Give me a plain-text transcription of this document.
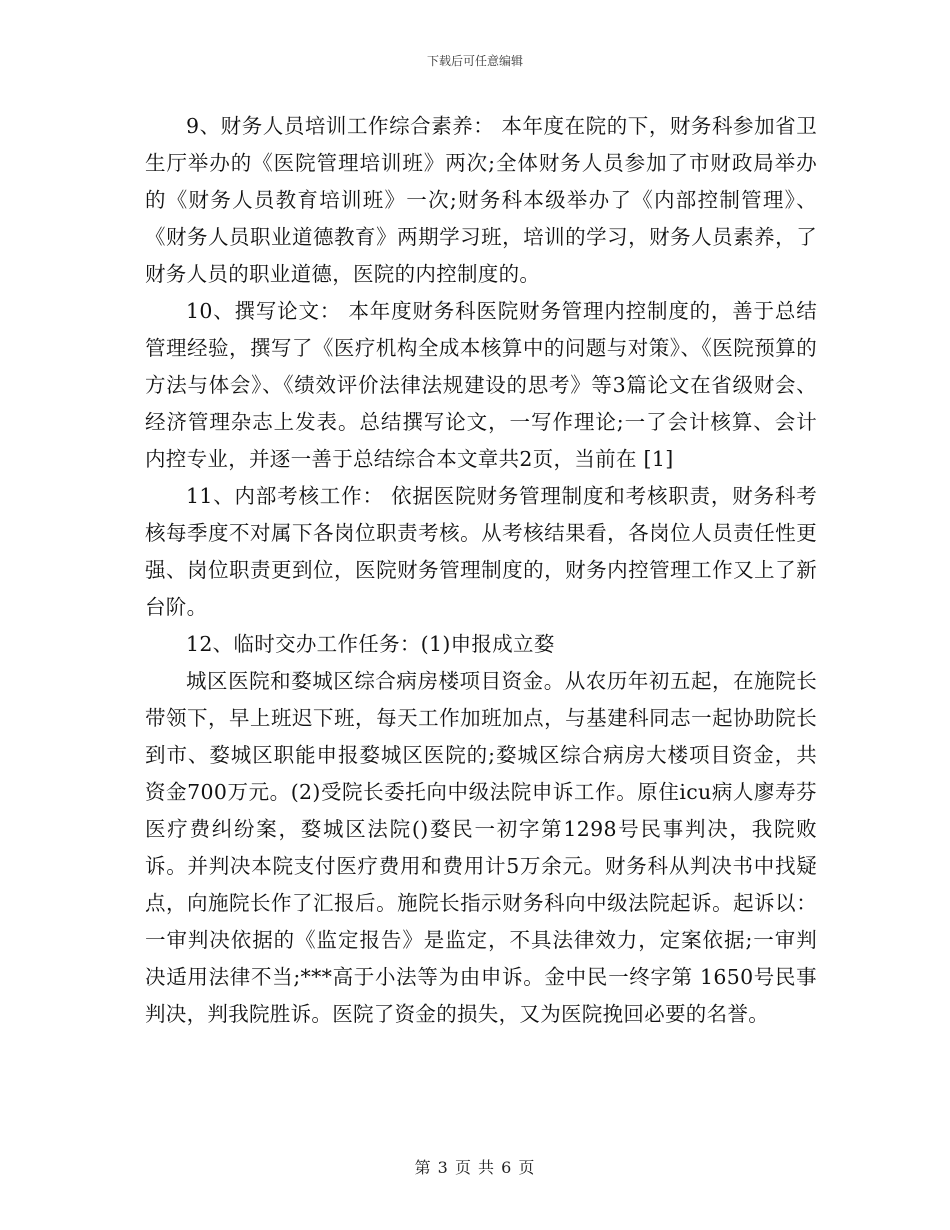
下载后可任意编辑

9、财务人员培训工作综合素养： 本年度在院的下，财务科参加省卫生厅举办的《医院管理培训班》两次;全体财务人员参加了市财政局举办的《财务人员教育培训班》一次;财务科本级举办了《内部控制管理》、《财务人员职业道德教育》两期学习班，培训的学习，财务人员素养，了财务人员的职业道德，医院的内控制度的。

10、撰写论文： 本年度财务科医院财务管理内控制度的，善于总结管理经验，撰写了《医疗机构全成本核算中的问题与对策》、《医院预算的方法与体会》、《绩效评价法律法规建设的思考》等3篇论文在省级财会、经济管理杂志上发表。总结撰写论文，一写作理论;一了会计核算、会计内控专业，并逐一善于总结综合本文章共2页，当前在 [1]

11、内部考核工作： 依据医院财务管理制度和考核职责，财务科考核每季度不对属下各岗位职责考核。从考核结果看，各岗位人员责任性更强、岗位职责更到位，医院财务管理制度的，财务内控管理工作又上了新台阶。

12、临时交办工作任务：(1)申报成立婺

城区医院和婺城区综合病房楼项目资金。从农历年初五起，在施院长带领下，早上班迟下班，每天工作加班加点，与基建科同志一起协助院长到市、婺城区职能申报婺城区医院的;婺城区综合病房大楼项目资金，共资金700万元。(2)受院长委托向中级法院申诉工作。原住icu病人廖寿芬医疗费纠纷案，婺城区法院()婺民一初字第1298号民事判决，我院败诉。并判决本院支付医疗费用和费用计5万余元。财务科从判决书中找疑点，向施院长作了汇报后。施院长指示财务科向中级法院起诉。起诉以：一审判决依据的《监定报告》是监定，不具法律效力，定案依据;一审判决适用法律不当;***高于小法等为由申诉。金中民一终字第 1650号民事判决，判我院胜诉。医院了资金的损失，又为医院挽回必要的名誉。

第 3 页 共 6 页
